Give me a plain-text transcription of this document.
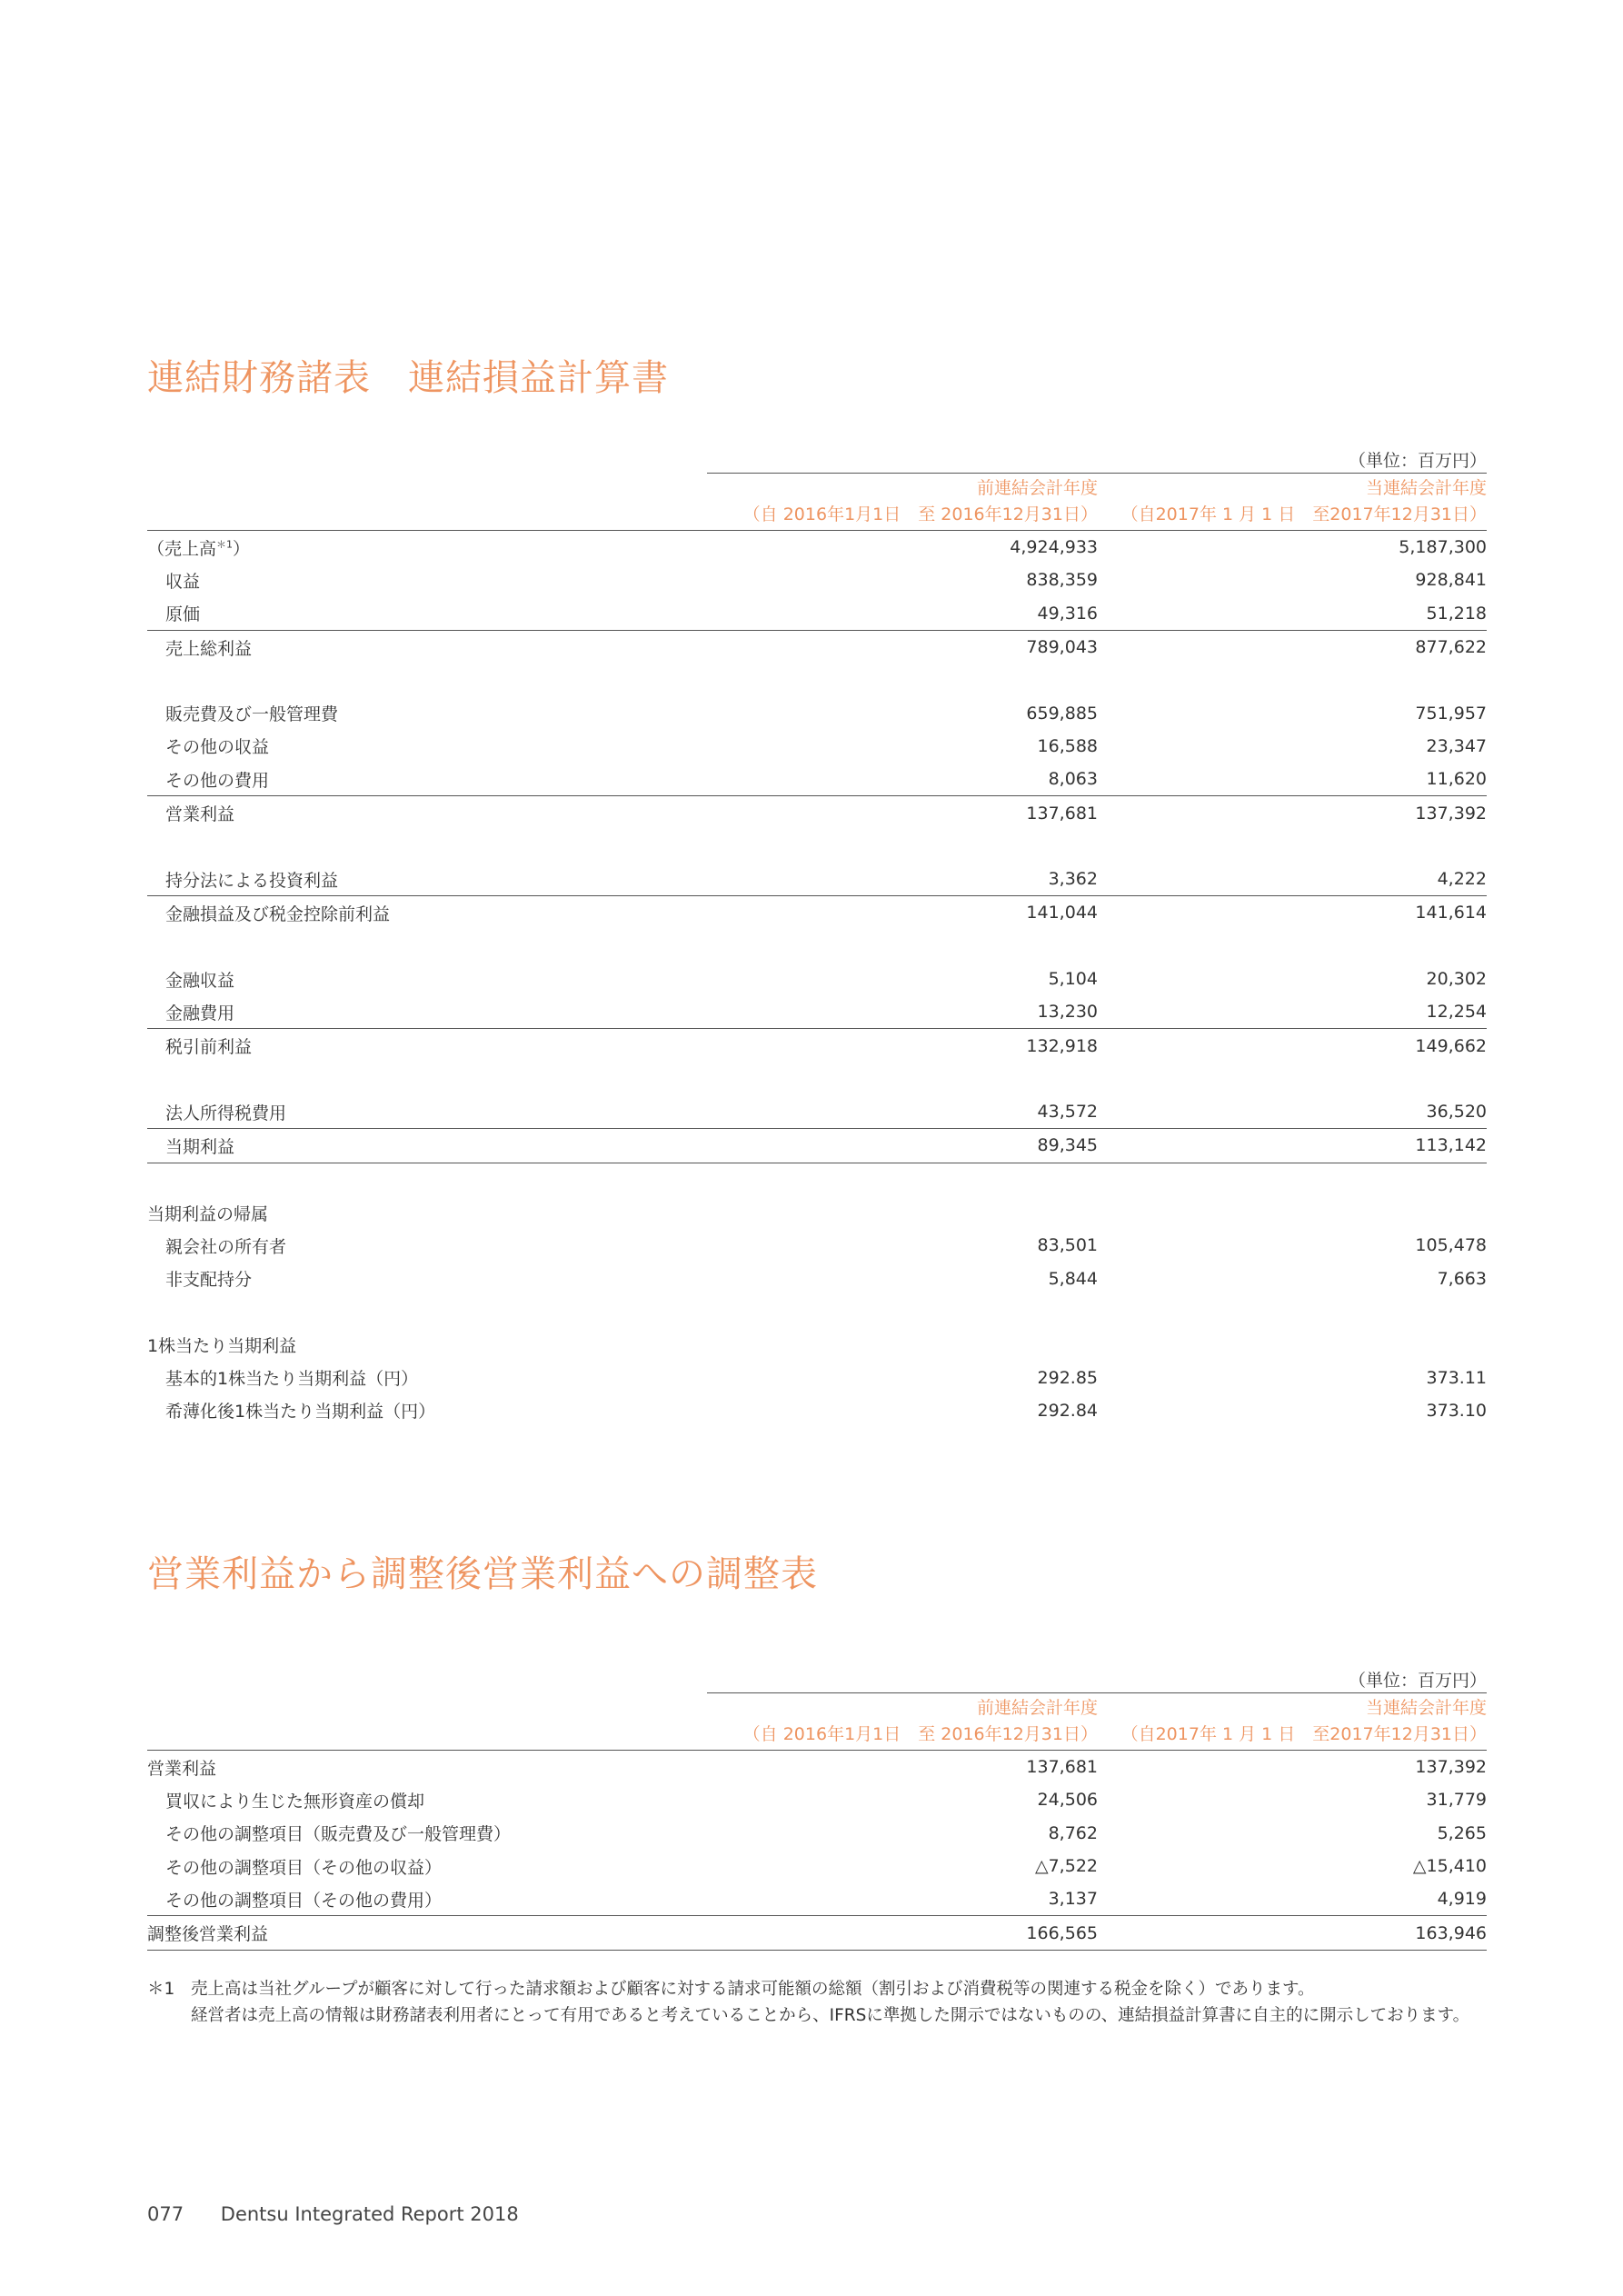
連結財務諸表　連結損益計算書
（単位：百万円）

	前連結会計年度	当連結会計年度
	（自 2016年1月1日　至 2016年12月31日）	（自2017年 1 月 1 日　至2017年12月31日）

（売上高$^{*1}$）	4,924,933	5,187,300
収益	838,359	928,841
原価	49,316	51,218
売上総利益	789,043	877,622

販売費及び一般管理費	659,885	751,957
その他の収益	16,588	23,347
その他の費用	8,063	11,620
営業利益	137,681	137,392

持分法による投資利益	3,362	4,222
金融損益及び税金控除前利益	141,044	141,614

金融収益	5,104	20,302
金融費用	13,230	12,254
税引前利益	132,918	149,662

法人所得税費用	43,572	36,520
当期利益	89,345	113,142

当期利益の帰属		
親会社の所有者	83,501	105,478
非支配持分	5,844	7,663

1株当たり当期利益		
基本的1株当たり当期利益（円）	292.85	373.11
希薄化後1株当たり当期利益（円）	292.84	373.10
営業利益から調整後営業利益への調整表
（単位：百万円）

	前連結会計年度	当連結会計年度
	（自 2016年1月1日　至 2016年12月31日）	（自2017年 1 月 1 日　至2017年12月31日）

営業利益	137,681	137,392
買収により生じた無形資産の償却	24,506	31,779
その他の調整項目（販売費及び一般管理費）	8,762	5,265
その他の調整項目（その他の収益）	△7,522	△15,410
その他の調整項目（その他の費用）	3,137	4,919
調整後営業利益	166,565	163,946
＊1 売上高は当社グループが顧客に対して行った請求額および顧客に対する請求可能額の総額（割引および消費税等の関連する税金を除く）であります。
経営者は売上高の情報は財務諸表利用者にとって有用であると考えていることから、IFRSに準拠した開示ではないものの、連結損益計算書に自主的に開示しております。
077 Dentsu Integrated Report 2018
